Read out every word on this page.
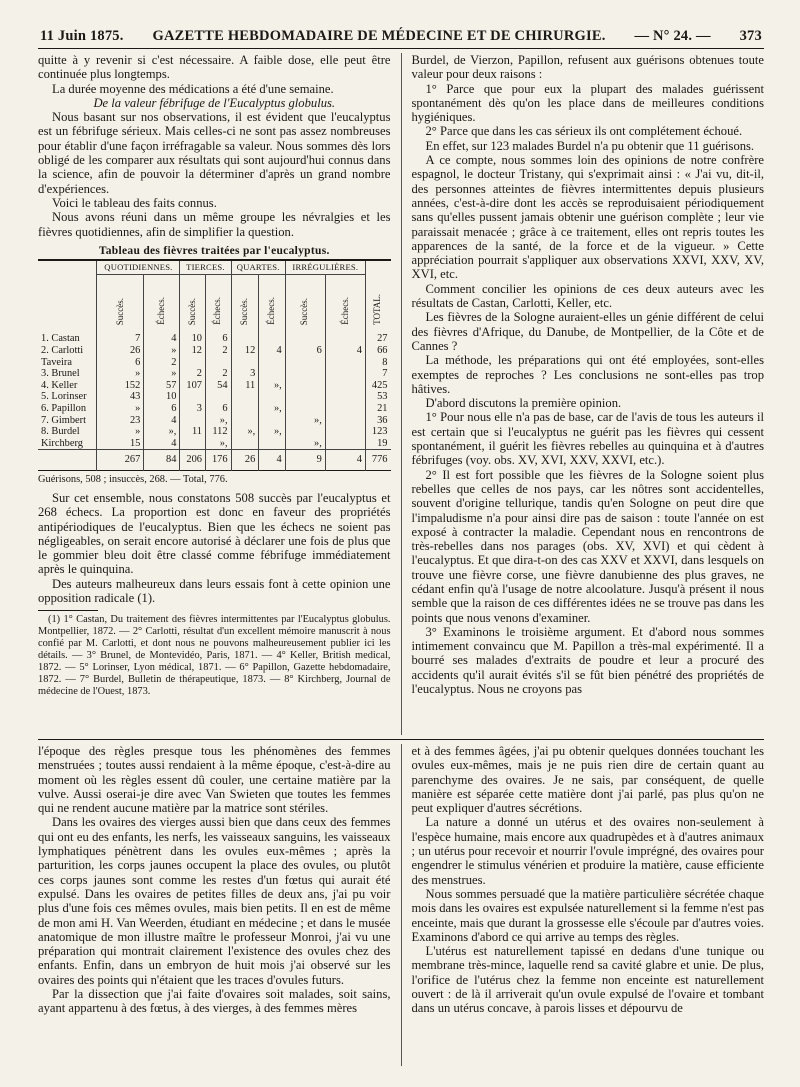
11 Juin 1875. GAZETTE HEBDOMADAIRE DE MÉDECINE ET DE CHIRURGIE. — N° 24. — 373

quitte à y revenir si c'est nécessaire. A faible dose, elle peut être continuée plus longtemps.

La durée moyenne des médications a été d'une semaine.

De la valeur fébrifuge de l'Eucalyptus globulus.

Nous basant sur nos observations, il est évident que l'eucalyptus est un fébrifuge sérieux. Mais celles-ci ne sont pas assez nombreuses pour établir d'une façon irréfragable sa valeur. Nous sommes dès lors obligé de les comparer aux résultats qui sont aujourd'hui connus dans la science, afin de pouvoir la déterminer d'après un grand nombre d'expériences.

Voici le tableau des faits connus.

Nous avons réuni dans un même groupe les névralgies et les fièvres quotidiennes, afin de simplifier la question.

Tableau des fièvres traitées par l'eucalyptus.
	QUOTIDIENNES.		TIERCES.		QUARTES.		IRRÉGULIÈRES.		TOTAL.
	Succès.	Échecs.	Succès.	Échecs.	Succès.	Échecs.	Succès.	Échecs.	
1. Castan	7	4	10	6					27
2. Carlotti	26	»	12	2	12	4	6	4	66
Taveira	6	2							8
3. Brunel	»	»	2	2	3				7
4. Keller	152	57	107	54	11	»,			425
5. Lorinser	43	10							53
6. Papillon	»	6	3	6		»,			21
7. Gimbert	23	4		»,			»,		36
8. Burdel	»	»,	11	112	»,	»,			123
Kirchberg	15	4		»,			»,		19
	267	84	206	176	26	4	9	4	776
Guérisons, 508 ; insuccès, 268. — Total, 776.

Sur cet ensemble, nous constatons 508 succès par l'eucalyptus et 268 échecs. La proportion est donc en faveur des propriétés antipériodiques de l'eucalyptus. Bien que les échecs ne soient pas négligeables, on serait encore autorisé à déclarer une fois de plus que le gommier bleu doit être classé comme fébrifuge immédiatement après le quinquina.

Des auteurs malheureux dans leurs essais font à cette opinion une opposition radicale (1).

(1) 1° Castan, Du traitement des fièvres intermittentes par l'Eucalyptus globulus. Montpellier, 1872. — 2° Carlotti, résultat d'un excellent mémoire manuscrit à nous confié par M. Carlotti, et dont nous ne pouvons malheureusement publier ici les détails. — 3° Brunel, de Montevidéo, Paris, 1871. — 4° Keller, British medical, 1872. — 5° Lorinser, Lyon médical, 1871. — 6° Papillon, Gazette hebdomadaire, 1872. — 7° Burdel, Bulletin de thérapeutique, 1873. — 8° Kirchberg, Journal de médecine de l'Ouest, 1873.

Burdel, de Vierzon, Papillon, refusent aux guérisons obtenues toute valeur pour deux raisons :

1° Parce que pour eux la plupart des malades guérissent spontanément dès qu'on les place dans de meilleures conditions hygiéniques.

2° Parce que dans les cas sérieux ils ont complétement échoué.

En effet, sur 123 malades Burdel n'a pu obtenir que 11 guérisons.

A ce compte, nous sommes loin des opinions de notre confrère espagnol, le docteur Tristany, qui s'exprimait ainsi : « J'ai vu, dit-il, des personnes atteintes de fièvres intermittentes depuis plusieurs années, c'est-à-dire dont les accès se reproduisaient périodiquement sans qu'elles pussent jamais obtenir une guérison complète ; leur vie paraissait menacée ; grâce à ce traitement, elles ont repris toutes les apparences de la santé, de la force et de la vigueur. » Cette appréciation pourrait s'appliquer aux observations XXVI, XXV, XV, XVI, etc.

Comment concilier les opinions de ces deux auteurs avec les résultats de Castan, Carlotti, Keller, etc.

Les fièvres de la Sologne auraient-elles un génie différent de celui des fièvres d'Afrique, du Danube, de Montpellier, de la Côte et de Cannes ?

La méthode, les préparations qui ont été employées, sont-elles exemptes de reproches ? Les conclusions ne sont-elles pas trop hâtives.

D'abord discutons la première opinion.

1° Pour nous elle n'a pas de base, car de l'avis de tous les auteurs il est certain que si l'eucalyptus ne guérit pas les fièvres qui cessent spontanément, il guérit les fièvres rebelles au quinquina et à d'autres fébrifuges (voy. obs. XV, XVI, XXV, XXVI, etc.).

2° Il est fort possible que les fièvres de la Sologne soient plus rebelles que celles de nos pays, car les nôtres sont accidentelles, souvent d'origine tellurique, tandis qu'en Sologne on peut dire que l'impaludisme n'a pour ainsi dire pas de saison : toute l'année on est exposé à contracter la maladie. Cependant nous en rencontrons de très-rebelles dans nos parages (obs. XV, XVI) et qui cèdent à l'eucalyptus. Et que dira-t-on des cas XXV et XXVI, dans lesquels on trouve une fièvre corse, une fièvre danubienne des plus graves, ne cédant enfin qu'à l'usage de notre alcoolature. Jusqu'à présent il nous semble que la raison de ces différentes idées ne se trouve pas dans les points que nous venons d'examiner.

3° Examinons le troisième argument. Et d'abord nous sommes intimement convaincu que M. Papillon a très-mal expérimenté. Il a bourré ses malades d'extraits de poudre et leur a procuré des accidents qu'il aurait évités s'il se fût bien pénétré des propriétés de l'eucalyptus. Nous ne croyons pas

l'époque des règles presque tous les phénomènes des femmes menstruées ; toutes aussi rendaient à la même époque, c'est-à-dire au moment où les règles essent dû couler, une certaine matière par la vulve. Aussi oserai-je dire avec Van Swieten que toutes les femmes qui ne rendent aucune matière par la matrice sont stériles.

Dans les ovaires des vierges aussi bien que dans ceux des femmes qui ont eu des enfants, les nerfs, les vaisseaux sanguins, les vaisseaux lymphatiques pénètrent dans les ovules eux-mêmes ; après la parturition, les corps jaunes occupent la place des ovules, ou plutôt ces corps jaunes sont comme les restes d'un fœtus qui aurait été expulsé. Dans les ovaires de petites filles de deux ans, j'ai pu voir plus d'une fois ces mêmes ovules, mais bien petits. Il en est de même de mon ami H. Van Weerden, étudiant en médecine ; et dans le musée anatomique de mon illustre maître le professeur Monroi, j'ai vu une préparation qui montrait clairement l'existence des ovules chez des enfants. Enfin, dans un embryon de huit mois j'ai observé sur les ovaires des points qui n'étaient que les traces d'ovules futurs.

Par la dissection que j'ai faite d'ovaires soit malades, soit sains, ayant appartenu à des fœtus, à des vierges, à des femmes mères

et à des femmes âgées, j'ai pu obtenir quelques données touchant les ovules eux-mêmes, mais je ne puis rien dire de certain quant au parenchyme des ovaires. Je ne sais, par conséquent, de quelle manière est séparée cette matière dont j'ai parlé, pas plus qu'on ne peut expliquer d'autres sécrétions.

La nature a donné un utérus et des ovaires non-seulement à l'espèce humaine, mais encore aux quadrupèdes et à d'autres animaux ; un utérus pour recevoir et nourrir l'ovule imprégné, des ovaires pour engendrer le stimulus vénérien et produire la matière, cause efficiente des menstrues.

Nous sommes persuadé que la matière particulière sécrétée chaque mois dans les ovaires est expulsée naturellement si la femme n'est pas enceinte, mais que durant la grossesse elle s'écoule par d'autres voies. Examinons d'abord ce qui arrive au temps des règles.

L'utérus est naturellement tapissé en dedans d'une tunique ou membrane très-mince, laquelle rend sa cavité glabre et unie. De plus, l'orifice de l'utérus chez la femme non enceinte est naturellement ouvert : de là il arriverait qu'un ovule expulsé de l'ovaire et tombant dans un utérus concave, à parois lisses et dépourvu de
